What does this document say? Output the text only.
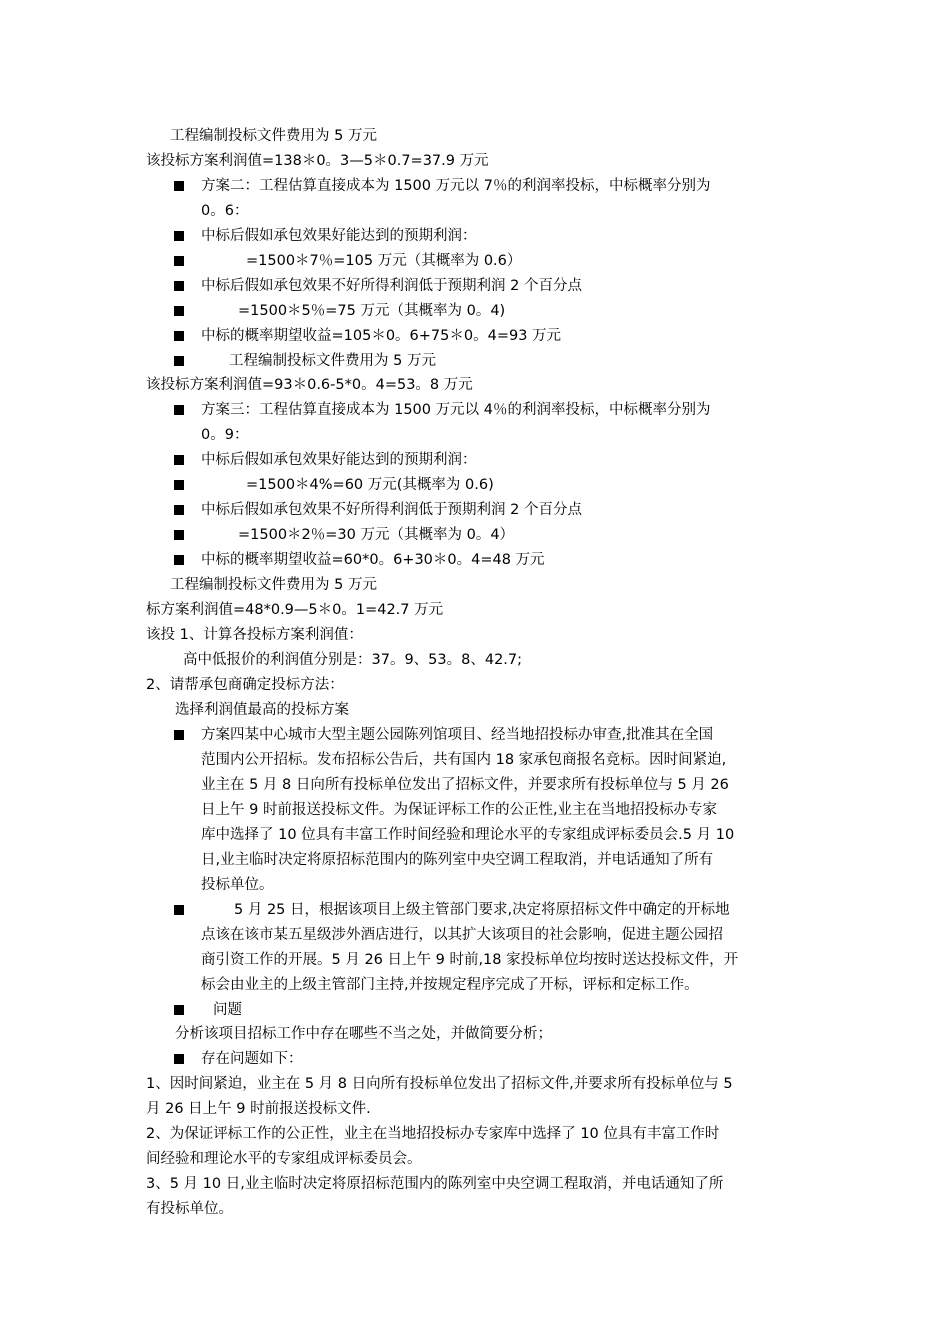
工程编制投标文件费用为 5 万元
该投标方案利润值=138＊0。3—5＊0.7=37.9 万元
方案二：工程估算直接成本为 1500 万元以 7％的利润率投标，中标概率分别为
0。6：
中标后假如承包效果好能达到的预期利润：
=1500＊7％=105 万元（其概率为 0.6）
中标后假如承包效果不好所得利润低于预期利润 2 个百分点
=1500＊5％=75 万元（其概率为 0。4)
中标的概率期望收益=105＊0。6+75＊0。4=93 万元
工程编制投标文件费用为 5 万元
该投标方案利润值=93＊0.6-5*0。4=53。8 万元
方案三：工程估算直接成本为 1500 万元以 4％的利润率投标，中标概率分别为
0。9：
中标后假如承包效果好能达到的预期利润：
=1500＊4%=60 万元(其概率为 0.6)
中标后假如承包效果不好所得利润低于预期利润 2 个百分点
=1500＊2％=30 万元（其概率为 0。4）
中标的概率期望收益=60*0。6+30＊0。4=48 万元
工程编制投标文件费用为 5 万元
标方案利润值=48*0.9—5＊0。1=42.7 万元
该投 1、计算各投标方案利润值：
高中低报价的利润值分别是：37。9、53。8、42.7;
2、请帮承包商确定投标方法：
选择利润值最高的投标方案
方案四某中心城市大型主题公园陈列馆项目、经当地招投标办审查,批准其在全国
范围内公开招标。发布招标公告后，共有国内 18 家承包商报名竞标。因时间紧迫,
业主在 5 月 8 日向所有投标单位发出了招标文件，并要求所有投标单位与 5 月 26
日上午 9 时前报送投标文件。为保证评标工作的公正性,业主在当地招投标办专家
库中选择了 10 位具有丰富工作时间经验和理论水平的专家组成评标委员会.5 月 10
日,业主临时决定将原招标范围内的陈列室中央空调工程取消，并电话通知了所有
投标单位。
5 月 25 日，根据该项目上级主管部门要求,决定将原招标文件中确定的开标地
点该在该市某五星级涉外酒店进行，以其扩大该项目的社会影响，促进主题公园招
商引资工作的开展。5 月 26 日上午 9 时前,18 家投标单位均按时送达投标文件，开
标会由业主的上级主管部门主持,并按规定程序完成了开标，评标和定标工作。
问题
分析该项目招标工作中存在哪些不当之处，并做简要分析；
存在问题如下：
1、因时间紧迫，业主在 5 月 8 日向所有投标单位发出了招标文件,并要求所有投标单位与 5
月 26 日上午 9 时前报送投标文件.
2、为保证评标工作的公正性，业主在当地招投标办专家库中选择了 10 位具有丰富工作时
间经验和理论水平的专家组成评标委员会。
3、5 月 10 日,业主临时决定将原招标范围内的陈列室中央空调工程取消，并电话通知了所
有投标单位。
